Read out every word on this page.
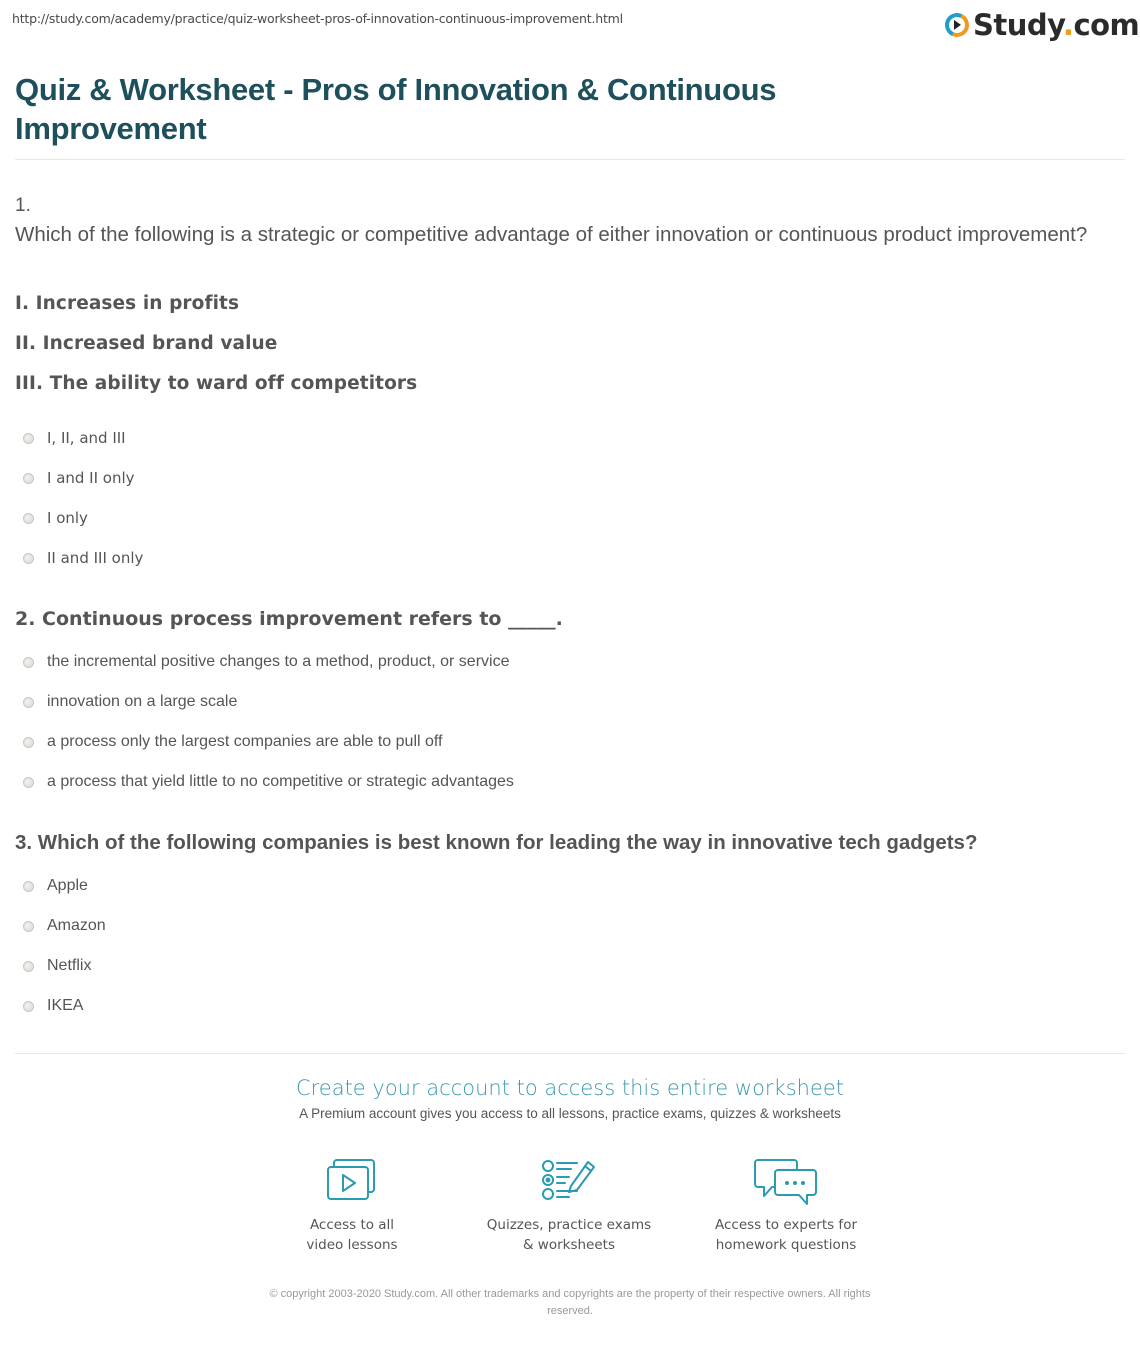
http://study.com/academy/practice/quiz-worksheet-pros-of-innovation-continuous-improvement.html	Study.com
Quiz & Worksheet - Pros of Innovation & Continuous Improvement
1.
Which of the following is a strategic or competitive advantage of either innovation or continuous product improvement?
I. Increases in profits
II. Increased brand value
III. The ability to ward off competitors
I, II, and III
I and II only
I only
II and III only
2. Continuous process improvement refers to _____.
the incremental positive changes to a method, product, or service
innovation on a large scale
a process only the largest companies are able to pull off
a process that yield little to no competitive or strategic advantages
3. Which of the following companies is best known for leading the way in innovative tech gadgets?
Apple
Amazon
Netflix
IKEA
Create your account to access this entire worksheet
A Premium account gives you access to all lessons, practice exams, quizzes & worksheets
Access to all
video lessons
Quizzes, practice exams
& worksheets
Access to experts for
homework questions
© copyright 2003-2020 Study.com. All other trademarks and copyrights are the property of their respective owners. All rights
reserved.
